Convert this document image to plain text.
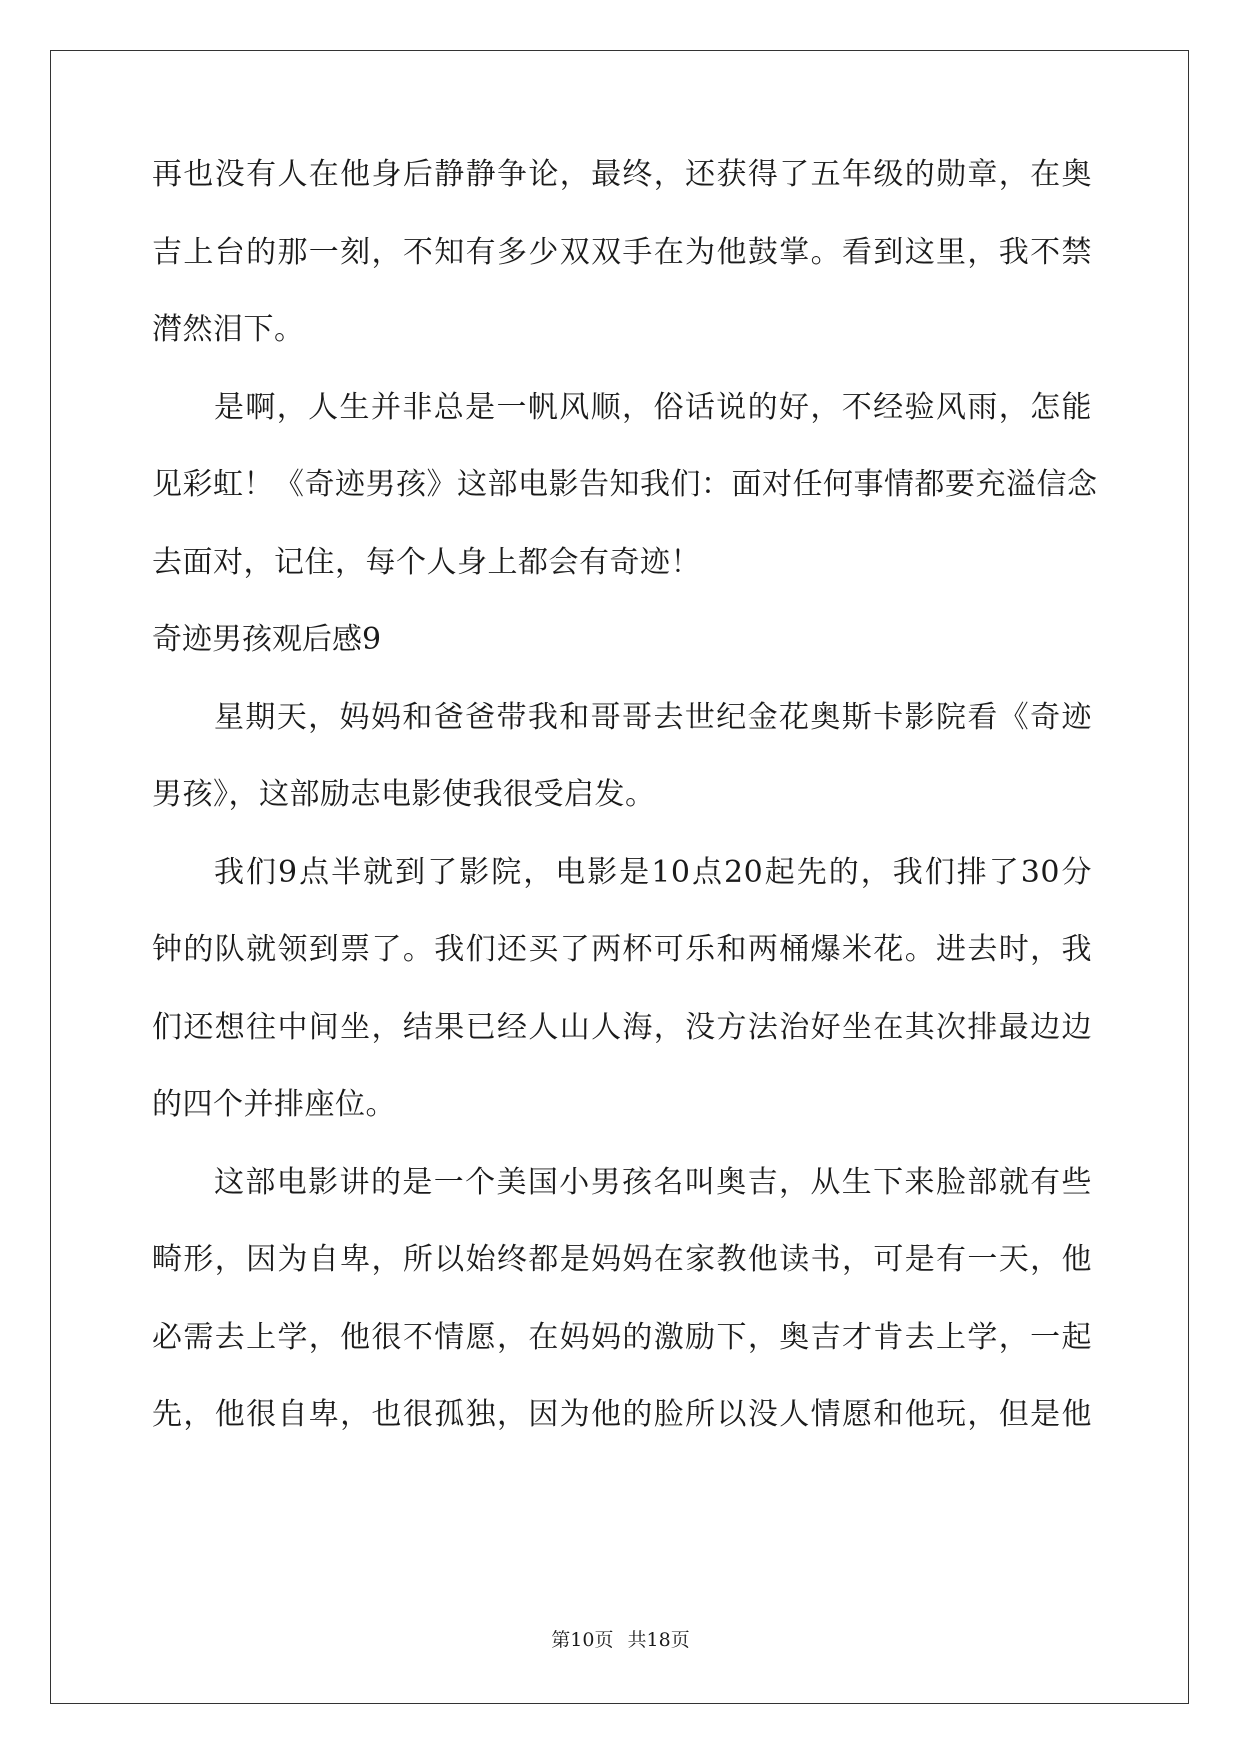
再也没有人在他身后静静争论，最终，还获得了五年级的勋章，在奥
吉上台的那一刻，不知有多少双双手在为他鼓掌。看到这里，我不禁
潸然泪下。
是啊，人生并非总是一帆风顺，俗话说的好，不经验风雨，怎能
见彩虹！《奇迹男孩》这部电影告知我们：面对任何事情都要充溢信念
去面对，记住，每个人身上都会有奇迹！
奇迹男孩观后感9
星期天，妈妈和爸爸带我和哥哥去世纪金花奥斯卡影院看《奇迹
男孩》，这部励志电影使我很受启发。
我们9点半就到了影院，电影是10点20起先的，我们排了30分
钟的队就领到票了。我们还买了两杯可乐和两桶爆米花。进去时，我
们还想往中间坐，结果已经人山人海，没方法治好坐在其次排最边边
的四个并排座位。
这部电影讲的是一个美国小男孩名叫奥吉，从生下来脸部就有些
畸形，因为自卑，所以始终都是妈妈在家教他读书，可是有一天，他
必需去上学，他很不情愿，在妈妈的激励下，奥吉才肯去上学，一起
先，他很自卑，也很孤独，因为他的脸所以没人情愿和他玩，但是他
第10页 共18页
